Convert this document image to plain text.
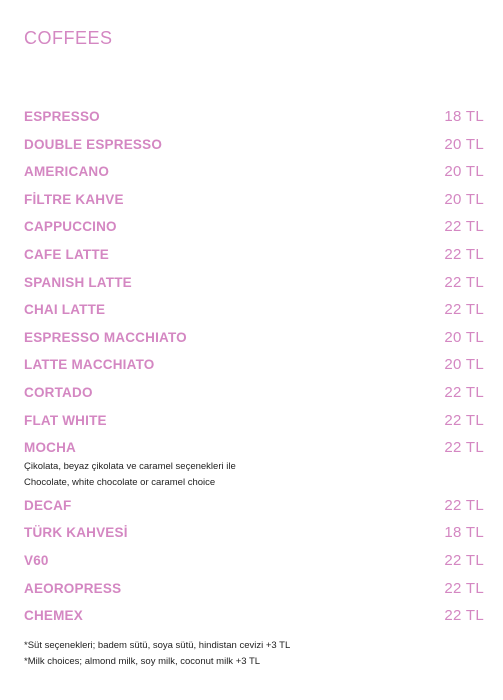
COFFEES
ESPRESSO	18 TL
DOUBLE ESPRESSO	20 TL
AMERICANO	20 TL
FİLTRE KAHVE	20 TL
CAPPUCCINO	22 TL
CAFE LATTE	22 TL
SPANISH LATTE	22 TL
CHAI LATTE	22 TL
ESPRESSO MACCHIATO	20 TL
LATTE MACCHIATO	20 TL
CORTADO	22 TL
FLAT WHITE	22 TL
MOCHA	22 TL
Çikolata, beyaz çikolata ve caramel seçenekleri ile
Chocolate, white chocolate or caramel choice
DECAF	22 TL
TÜRK KAHVESİ	18 TL
V60	22 TL
AEOROPRESS	22 TL
CHEMEX	22 TL
*Süt seçenekleri; badem sütü, soya sütü, hindistan cevizi +3 TL
*Milk choices; almond milk, soy milk, coconut milk +3 TL
